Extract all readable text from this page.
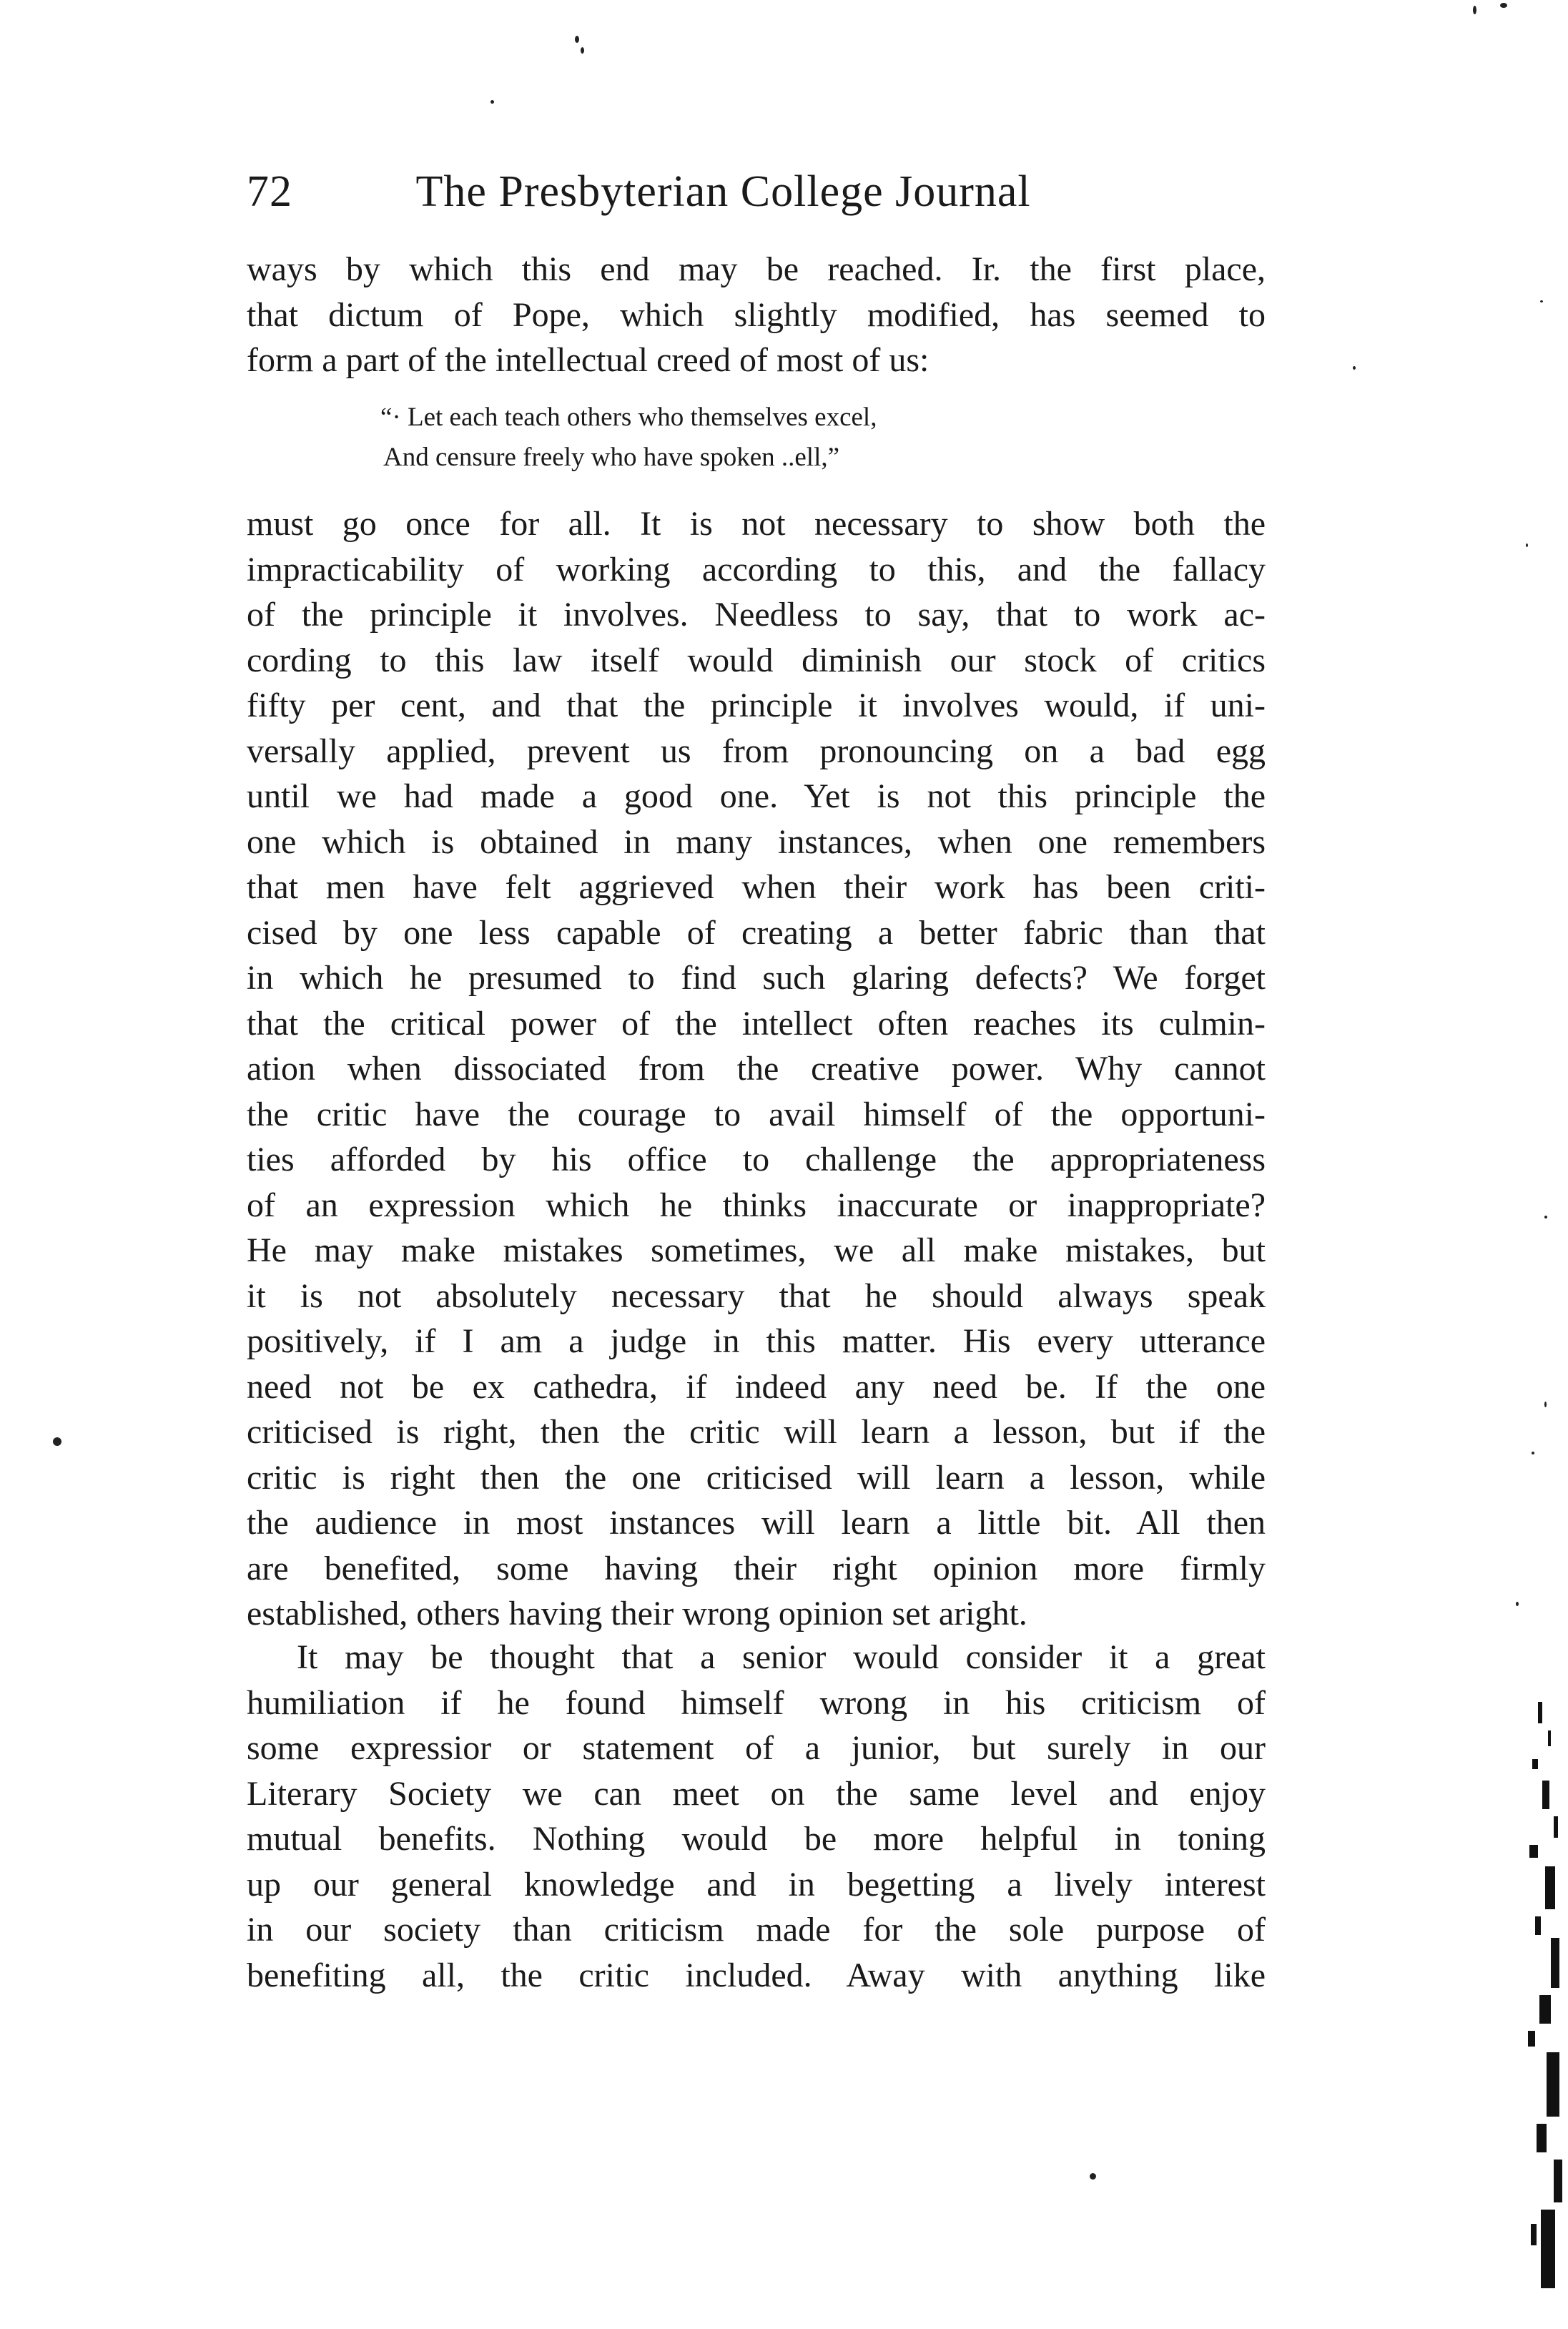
72	The Presbyterian College Journal
ways by which this end may be reached. Ir. the first place,
that dictum of Pope, which slightly modified, has seemed to
form a part of the intellectual creed of most of us:
“· Let each teach others who themselves excel,
And censure freely who have spoken ..ell,”
must go once for all. It is not necessary to show both the
impracticability of working according to this, and the fallacy
of the principle it involves. Needless to say, that to work ac-
cording to this law itself would diminish our stock of critics
fifty per cent, and that the principle it involves would, if uni-
versally applied, prevent us from pronouncing on a bad egg
until we had made a good one. Yet is not this principle the
one which is obtained in many instances, when one remembers
that men have felt aggrieved when their work has been criti-
cised by one less capable of creating a better fabric than that
in which he presumed to find such glaring defects? We forget
that the critical power of the intellect often reaches its culmin-
ation when dissociated from the creative power. Why cannot
the critic have the courage to avail himself of the opportuni-
ties afforded by his office to challenge the appropriateness
of an expression which he thinks inaccurate or inappropriate?
He may make mistakes sometimes, we all make mistakes, but
it is not absolutely necessary that he should always speak
positively, if I am a judge in this matter. His every utterance
need not be ex cathedra, if indeed any need be. If the one
criticised is right, then the critic will learn a lesson, but if the
critic is right then the one criticised will learn a lesson, while
the audience in most instances will learn a little bit. All then
are benefited, some having their right opinion more firmly
established, others having their wrong opinion set aright.
It may be thought that a senior would consider it a great
humiliation if he found himself wrong in his criticism of
some expressior or statement of a junior, but surely in our
Literary Society we can meet on the same level and enjoy
mutual benefits. Nothing would be more helpful in toning
up our general knowledge and in begetting a lively interest
in our society than criticism made for the sole purpose of
benefiting all, the critic included. Away with anything like
